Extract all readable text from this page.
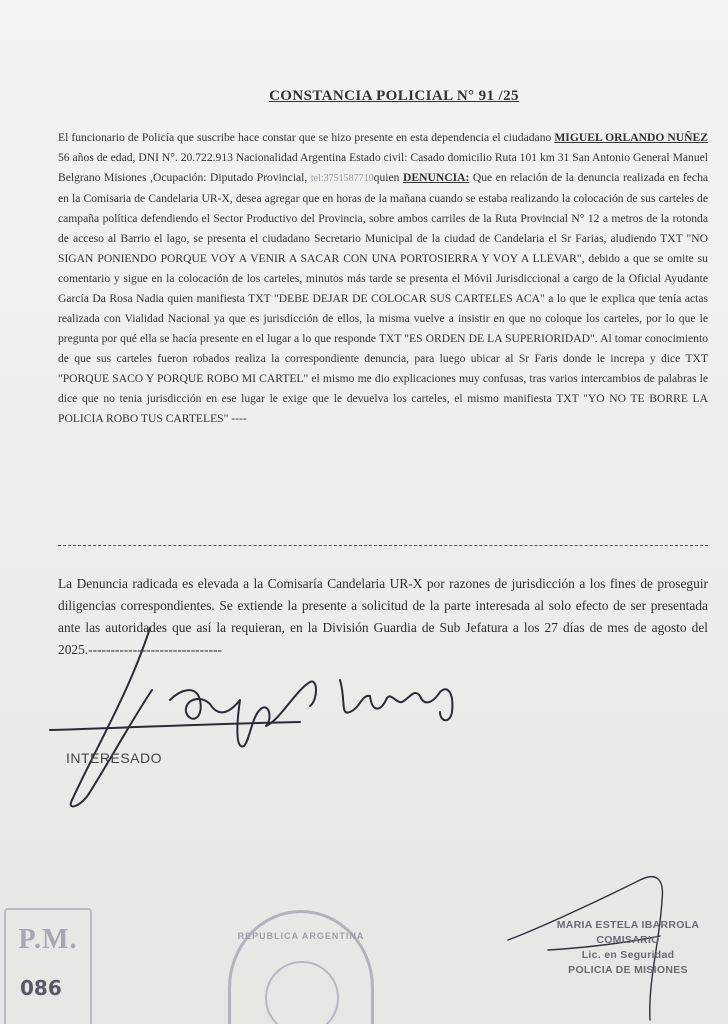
CONSTANCIA POLICIAL N° 91 /25

El funcionario de Policía que suscribe hace constar que se hizo presente en esta dependencia el ciudadano MIGUEL ORLANDO NUÑEZ 56 años de edad, DNI N°. 20.722.913 Nacionalidad Argentina Estado civil: Casado domicilio Ruta 101 km 31 San Antonio General Manuel Belgrano Misiones ,Ocupación: Diputado Provincial, tel:3751587710quien DENUNCIA: Que en relación de la denuncia realizada en fecha en la Comisaria de Candelaria UR-X, desea agregar que en horas de la mañana cuando se estaba realizando la colocación de sus carteles de campaña política defendiendo el Sector Productivo del Provincia, sobre ambos carriles de la Ruta Provincial N° 12 a metros de la rotonda de acceso al Barrio el lago, se presenta el ciudadano Secretario Municipal de la ciudad de Candelaria el Sr Farias, aludiendo TXT "NO SIGAN PONIENDO PORQUE VOY A VENIR A SACAR CON UNA PORTOSIERRA Y VOY A LLEVAR", debido a que se omite su comentario y sigue en la colocación de los carteles, minutos más tarde se presenta el Móvil Jurisdiccional a cargo de la Oficial Ayudante García Da Rosa Nadia quien manifiesta TXT "DEBE DEJAR DE COLOCAR SUS CARTELES ACA" a lo que le explica que tenía actas realizada con Vialidad Nacional ya que es jurisdicción de ellos, la misma vuelve a insistir en que no coloque los carteles, por lo que le pregunta por qué ella se hacía presente en el lugar a lo que responde TXT "ES ORDEN DE LA SUPERIORIDAD". Al tomar conocimiento de que sus carteles fueron robados realiza la correspondiente denuncia, para luego ubicar al Sr Faris donde le increpa y dice TXT "PORQUE SACO Y PORQUE ROBO MI CARTEL" el mismo me dio explicaciones muy confusas, tras varios intercambios de palabras le dice que no tenia jurisdicción en ese lugar le exige que le devuelva los carteles, el mismo manifiesta TXT "YO NO TE BORRE LA POLICIA ROBO TUS CARTELES" ----

La Denuncia radicada es elevada a la Comisaría Candelaria UR-X por razones de jurisdicción a los fines de proseguir diligencias correspondientes. Se extiende la presente a solicitud de la parte interesada al solo efecto de ser presentada ante las autoridades que así la requieran, en la División Guardia de Sub Jefatura a los 27 días de mes de agosto del 2025.------------------------------

INTERESADO
P.M.
086
REPUBLICA ARGENTINA
MARIA ESTELA IBARROLA
COMISARIO
Lic. en Seguridad
POLICIA DE MISIONES
